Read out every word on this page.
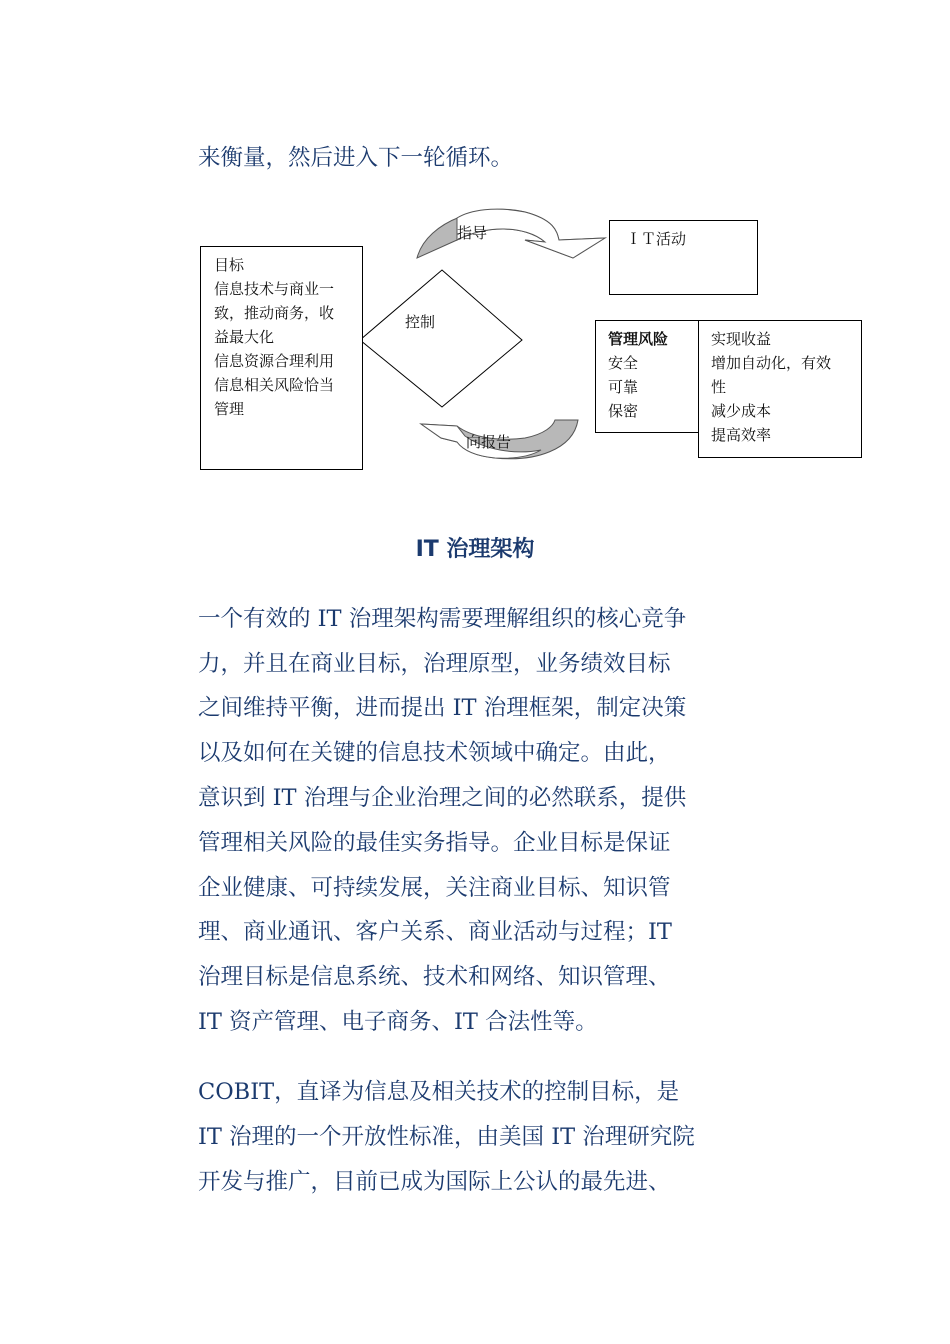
来衡量，然后进入下一轮循环。
目标
信息技术与商业一
致，推动商务，收
益最大化
信息资源合理利用
信息相关风险恰当
管理
ＩＴ活动
管理风险
安全
可靠
保密
实现收益
增加自动化，有效
性
减少成本
提高效率
指导
控制
向报告
IT 治理架构
一个有效的 IT 治理架构需要理解组织的核心竞争
力，并且在商业目标，治理原型，业务绩效目标
之间维持平衡，进而提出 IT 治理框架，制定决策
以及如何在关键的信息技术领域中确定。由此，
意识到 IT 治理与企业治理之间的必然联系，提供
管理相关风险的最佳实务指导。企业目标是保证
企业健康、可持续发展，关注商业目标、知识管
理、商业通讯、客户关系、商业活动与过程；IT
治理目标是信息系统、技术和网络、知识管理、
IT 资产管理、电子商务、IT 合法性等。
COBIT，直译为信息及相关技术的控制目标，是
IT 治理的一个开放性标准，由美国 IT 治理研究院
开发与推广，目前已成为国际上公认的最先进、
